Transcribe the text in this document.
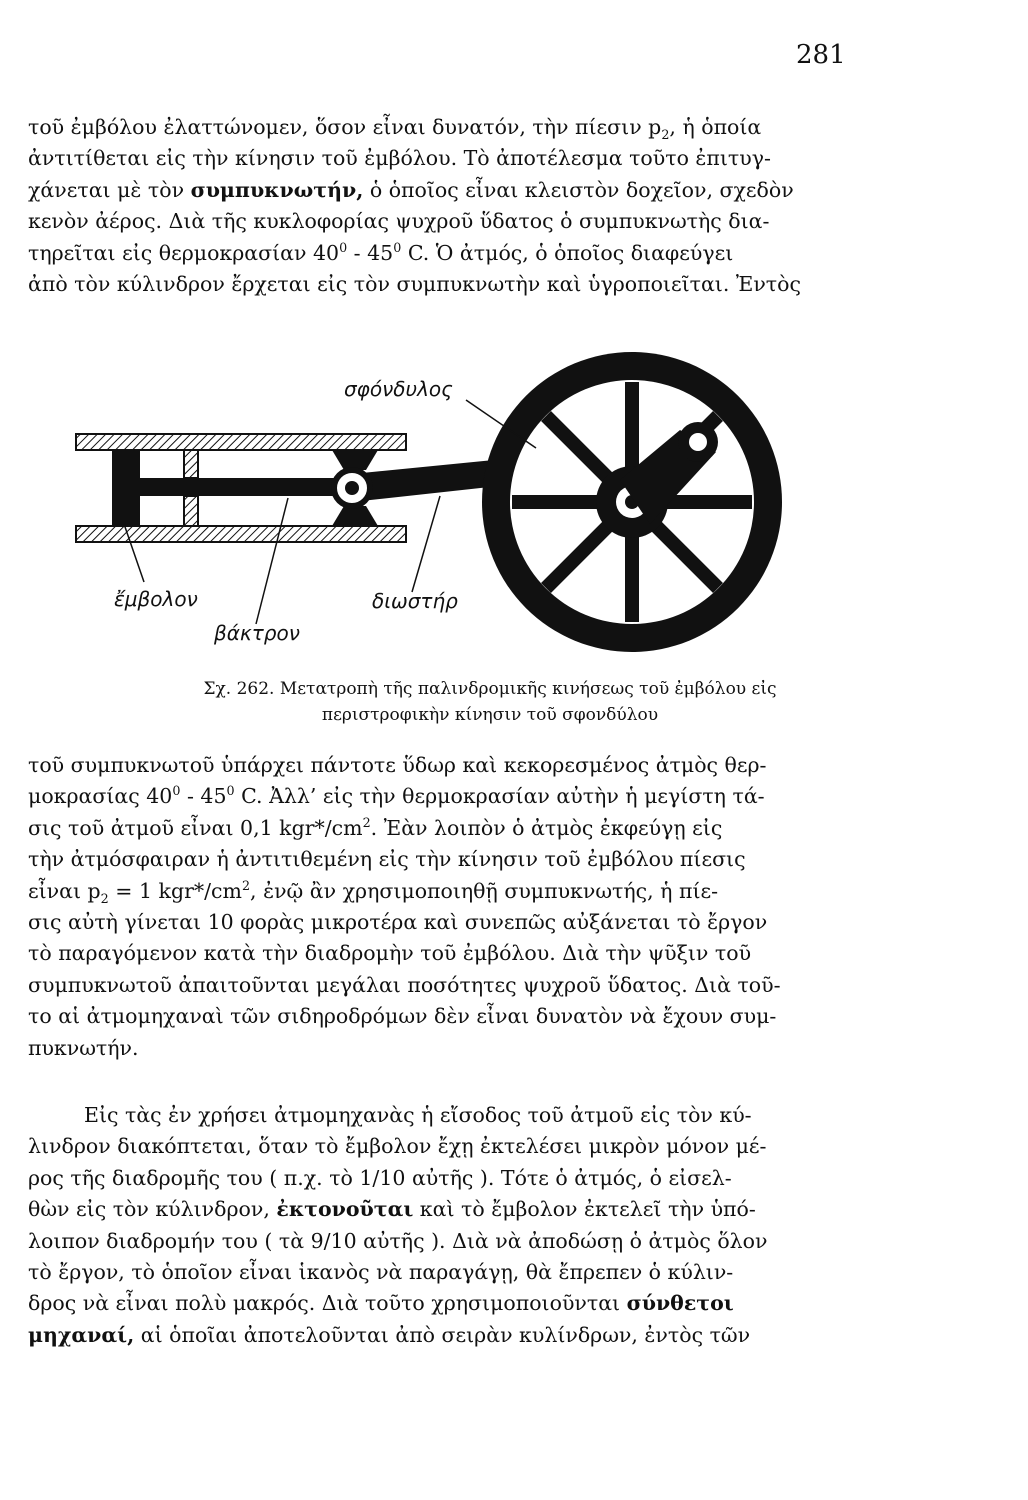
281
τοῦ ἐμβόλου ἐλαττώνομεν, ὅσον εἶναι δυνατόν, τὴν πίεσιν $p_2$, ἡ ὁποία
ἀντιτίθεται εἰς τὴν κίνησιν τοῦ ἐμβόλου. Τὸ ἀποτέλεσμα τοῦτο ἐπιτυγ-
χάνεται μὲ τὸν συμπυκνωτήν, ὁ ὁποῖος εἶναι κλειστὸν δοχεῖον, σχεδὸν
κενὸν ἀέρος. Διὰ τῆς κυκλοφορίας ψυχροῦ ὕδατος ὁ συμπυκνωτὴς δια-
τηρεῖται εἰς θερμοκρασίαν $40^0 - 45^0$ C. Ὁ ἀτμός, ὁ ὁποῖος διαφεύγει
ἀπὸ τὸν κύλινδρον ἔρχεται εἰς τὸν συμπυκνωτὴν καὶ ὑγροποιεῖται. Ἐντὸς
σφόνδυλος
ἔμβολον
βάκτρον
διωστήρ
Σχ. 262. Μετατροπὴ τῆς παλινδρομικῆς κινήσεως τοῦ ἐμβόλου εἰς
περιστροφικὴν κίνησιν τοῦ σφονδύλου
τοῦ συμπυκνωτοῦ ὑπάρχει πάντοτε ὕδωρ καὶ κεκορεσμένος ἀτμὸς θερ-
μοκρασίας $40^0 - 45^0$ C. Ἀλλ’ εἰς τὴν θερμοκρασίαν αὐτὴν ἡ μεγίστη τά-
σις τοῦ ἀτμοῦ εἶναι 0,1 $kgr*/cm^2$. Ἐὰν λοιπὸν ὁ ἀτμὸς ἐκφεύγῃ εἰς
τὴν ἀτμόσφαιραν ἡ ἀντιτιθεμένη εἰς τὴν κίνησιν τοῦ ἐμβόλου πίεσις
εἶναι $p_2 = 1$ $kgr*/cm^2$, ἐνῷ ἂν χρησιμοποιηθῇ συμπυκνωτής, ἡ πίε-
σις αὐτὴ γίνεται 10 φορὰς μικροτέρα καὶ συνεπῶς αὐξάνεται τὸ ἔργον
τὸ παραγόμενον κατὰ τὴν διαδρομὴν τοῦ ἐμβόλου. Διὰ τὴν ψῦξιν τοῦ
συμπυκνωτοῦ ἀπαιτοῦνται μεγάλαι ποσότητες ψυχροῦ ὕδατος. Διὰ τοῦ-
το αἱ ἀτμομηχαναὶ τῶν σιδηροδρόμων δὲν εἶναι δυνατὸν νὰ ἔχουν συμ-
πυκνωτήν.
Εἰς τὰς ἐν χρήσει ἀτμομηχανὰς ἡ εἴσοδος τοῦ ἀτμοῦ εἰς τὸν κύ-
λινδρον διακόπτεται, ὅταν τὸ ἔμβολον ἔχῃ ἐκτελέσει μικρὸν μόνον μέ-
ρος τῆς διαδρομῆς του ( π.χ. τὸ 1/10 αὐτῆς ). Τότε ὁ ἀτμός, ὁ εἰσελ-
θὼν εἰς τὸν κύλινδρον, ἐκτονοῦται καὶ τὸ ἔμβολον ἐκτελεῖ τὴν ὑπό-
λοιπον διαδρομήν του ( τὰ 9/10 αὐτῆς ). Διὰ νὰ ἀποδώσῃ ὁ ἀτμὸς ὅλον
τὸ ἔργον, τὸ ὁποῖον εἶναι ἱκανὸς νὰ παραγάγῃ, θὰ ἔπρεπεν ὁ κύλιν-
δρος νὰ εἶναι πολὺ μακρός. Διὰ τοῦτο χρησιμοποιοῦνται σύνθετοι
μηχαναί, αἱ ὁποῖαι ἀποτελοῦνται ἀπὸ σειρὰν κυλίνδρων, ἐντὸς τῶν
